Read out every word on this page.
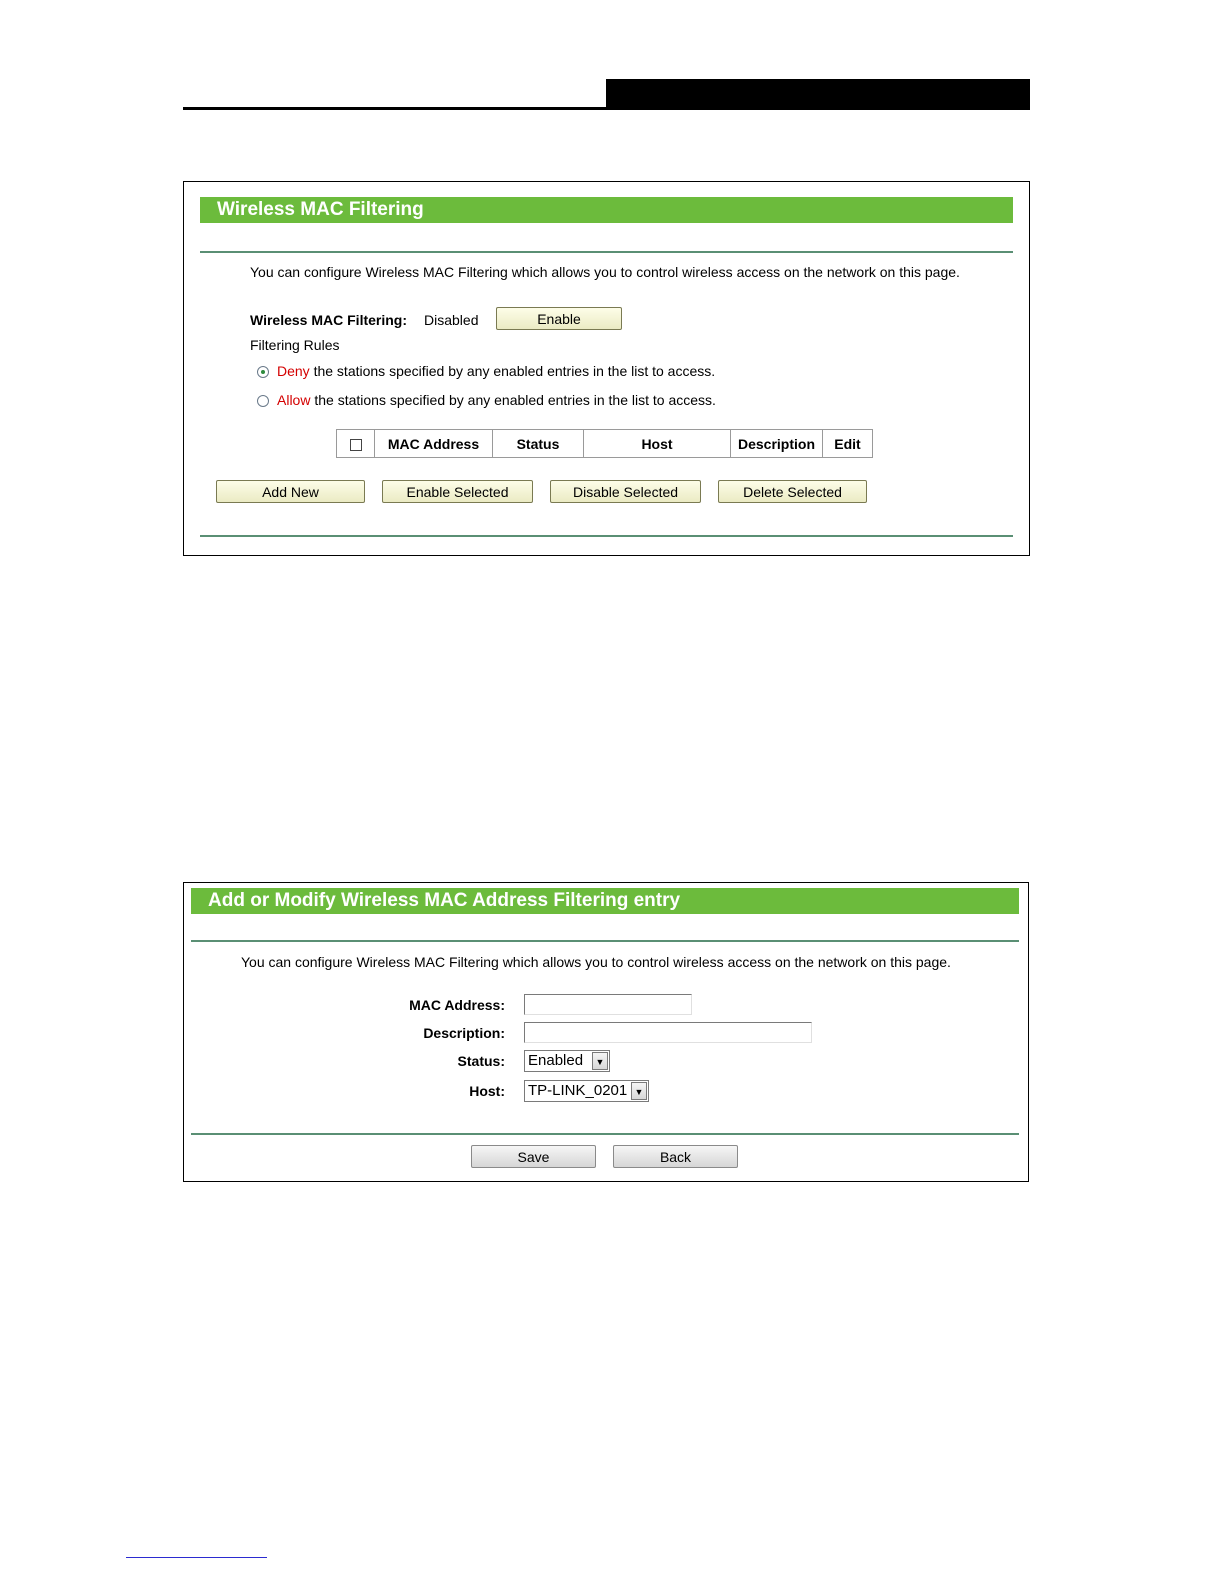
Wireless MAC Filtering
You can configure Wireless MAC Filtering which allows you to control wireless access on the network on this page.
Wireless MAC Filtering: Disabled	Enable
Filtering Rules
Deny the stations specified by any enabled entries in the list to access.
Allow the stations specified by any enabled entries in the list to access.
	MAC Address	Status	Host	Description	Edit
Add New	Enable Selected	Disable Selected	Delete Selected
Add or Modify Wireless MAC Address Filtering entry
You can configure Wireless MAC Filtering which allows you to control wireless access on the network on this page.
MAC Address:
Description:
Status: Enabled	▼
Host: TP-LINK_0201 ▼
Save	Back
